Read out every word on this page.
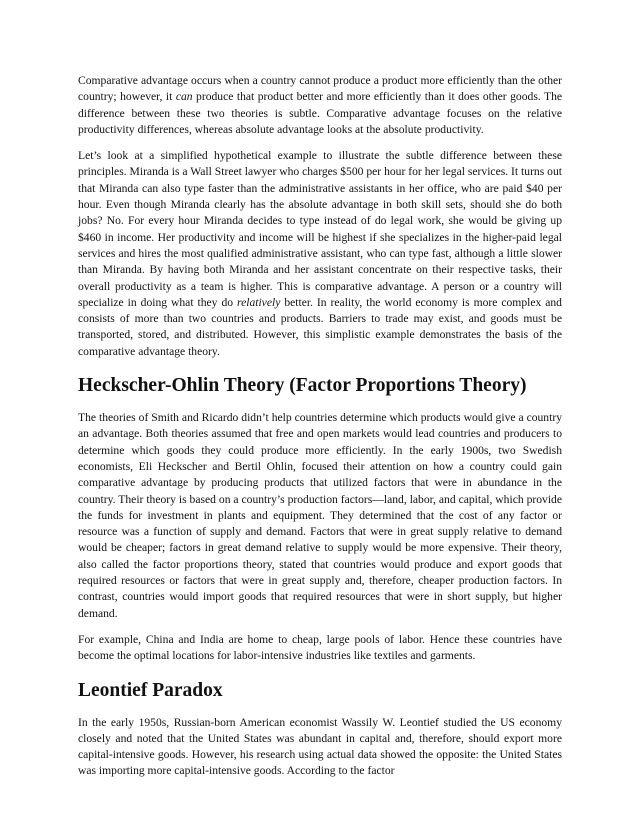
Comparative advantage occurs when a country cannot produce a product more efficiently than the other country; however, it can produce that product better and more efficiently than it does other goods. The difference between these two theories is subtle. Comparative advantage focuses on the relative productivity differences, whereas absolute advantage looks at the absolute productivity.

Let’s look at a simplified hypothetical example to illustrate the subtle difference between these principles. Miranda is a Wall Street lawyer who charges $500 per hour for her legal services. It turns out that Miranda can also type faster than the administrative assistants in her office, who are paid $40 per hour. Even though Miranda clearly has the absolute advantage in both skill sets, should she do both jobs? No. For every hour Miranda decides to type instead of do legal work, she would be giving up $460 in income. Her productivity and income will be highest if she specializes in the higher-paid legal services and hires the most qualified administrative assistant, who can type fast, although a little slower than Miranda. By having both Miranda and her assistant concentrate on their respective tasks, their overall productivity as a team is higher. This is comparative advantage. A person or a country will specialize in doing what they do relatively better. In reality, the world economy is more complex and consists of more than two countries and products. Barriers to trade may exist, and goods must be transported, stored, and distributed. However, this simplistic example demonstrates the basis of the comparative advantage theory.

Heckscher-Ohlin Theory (Factor Proportions Theory)

The theories of Smith and Ricardo didn’t help countries determine which products would give a country an advantage. Both theories assumed that free and open markets would lead countries and producers to determine which goods they could produce more efficiently. In the early 1900s, two Swedish economists, Eli Heckscher and Bertil Ohlin, focused their attention on how a country could gain comparative advantage by producing products that utilized factors that were in abundance in the country. Their theory is based on a country’s production factors—land, labor, and capital, which provide the funds for investment in plants and equipment. They determined that the cost of any factor or resource was a function of supply and demand. Factors that were in great supply relative to demand would be cheaper; factors in great demand relative to supply would be more expensive. Their theory, also called the factor proportions theory, stated that countries would produce and export goods that required resources or factors that were in great supply and, therefore, cheaper production factors. In contrast, countries would import goods that required resources that were in short supply, but higher demand.

For example, China and India are home to cheap, large pools of labor. Hence these countries have become the optimal locations for labor-intensive industries like textiles and garments.

Leontief Paradox

In the early 1950s, Russian-born American economist Wassily W. Leontief studied the US economy closely and noted that the United States was abundant in capital and, therefore, should export more capital-intensive goods. However, his research using actual data showed the opposite: the United States was importing more capital-intensive goods. According to the factor
